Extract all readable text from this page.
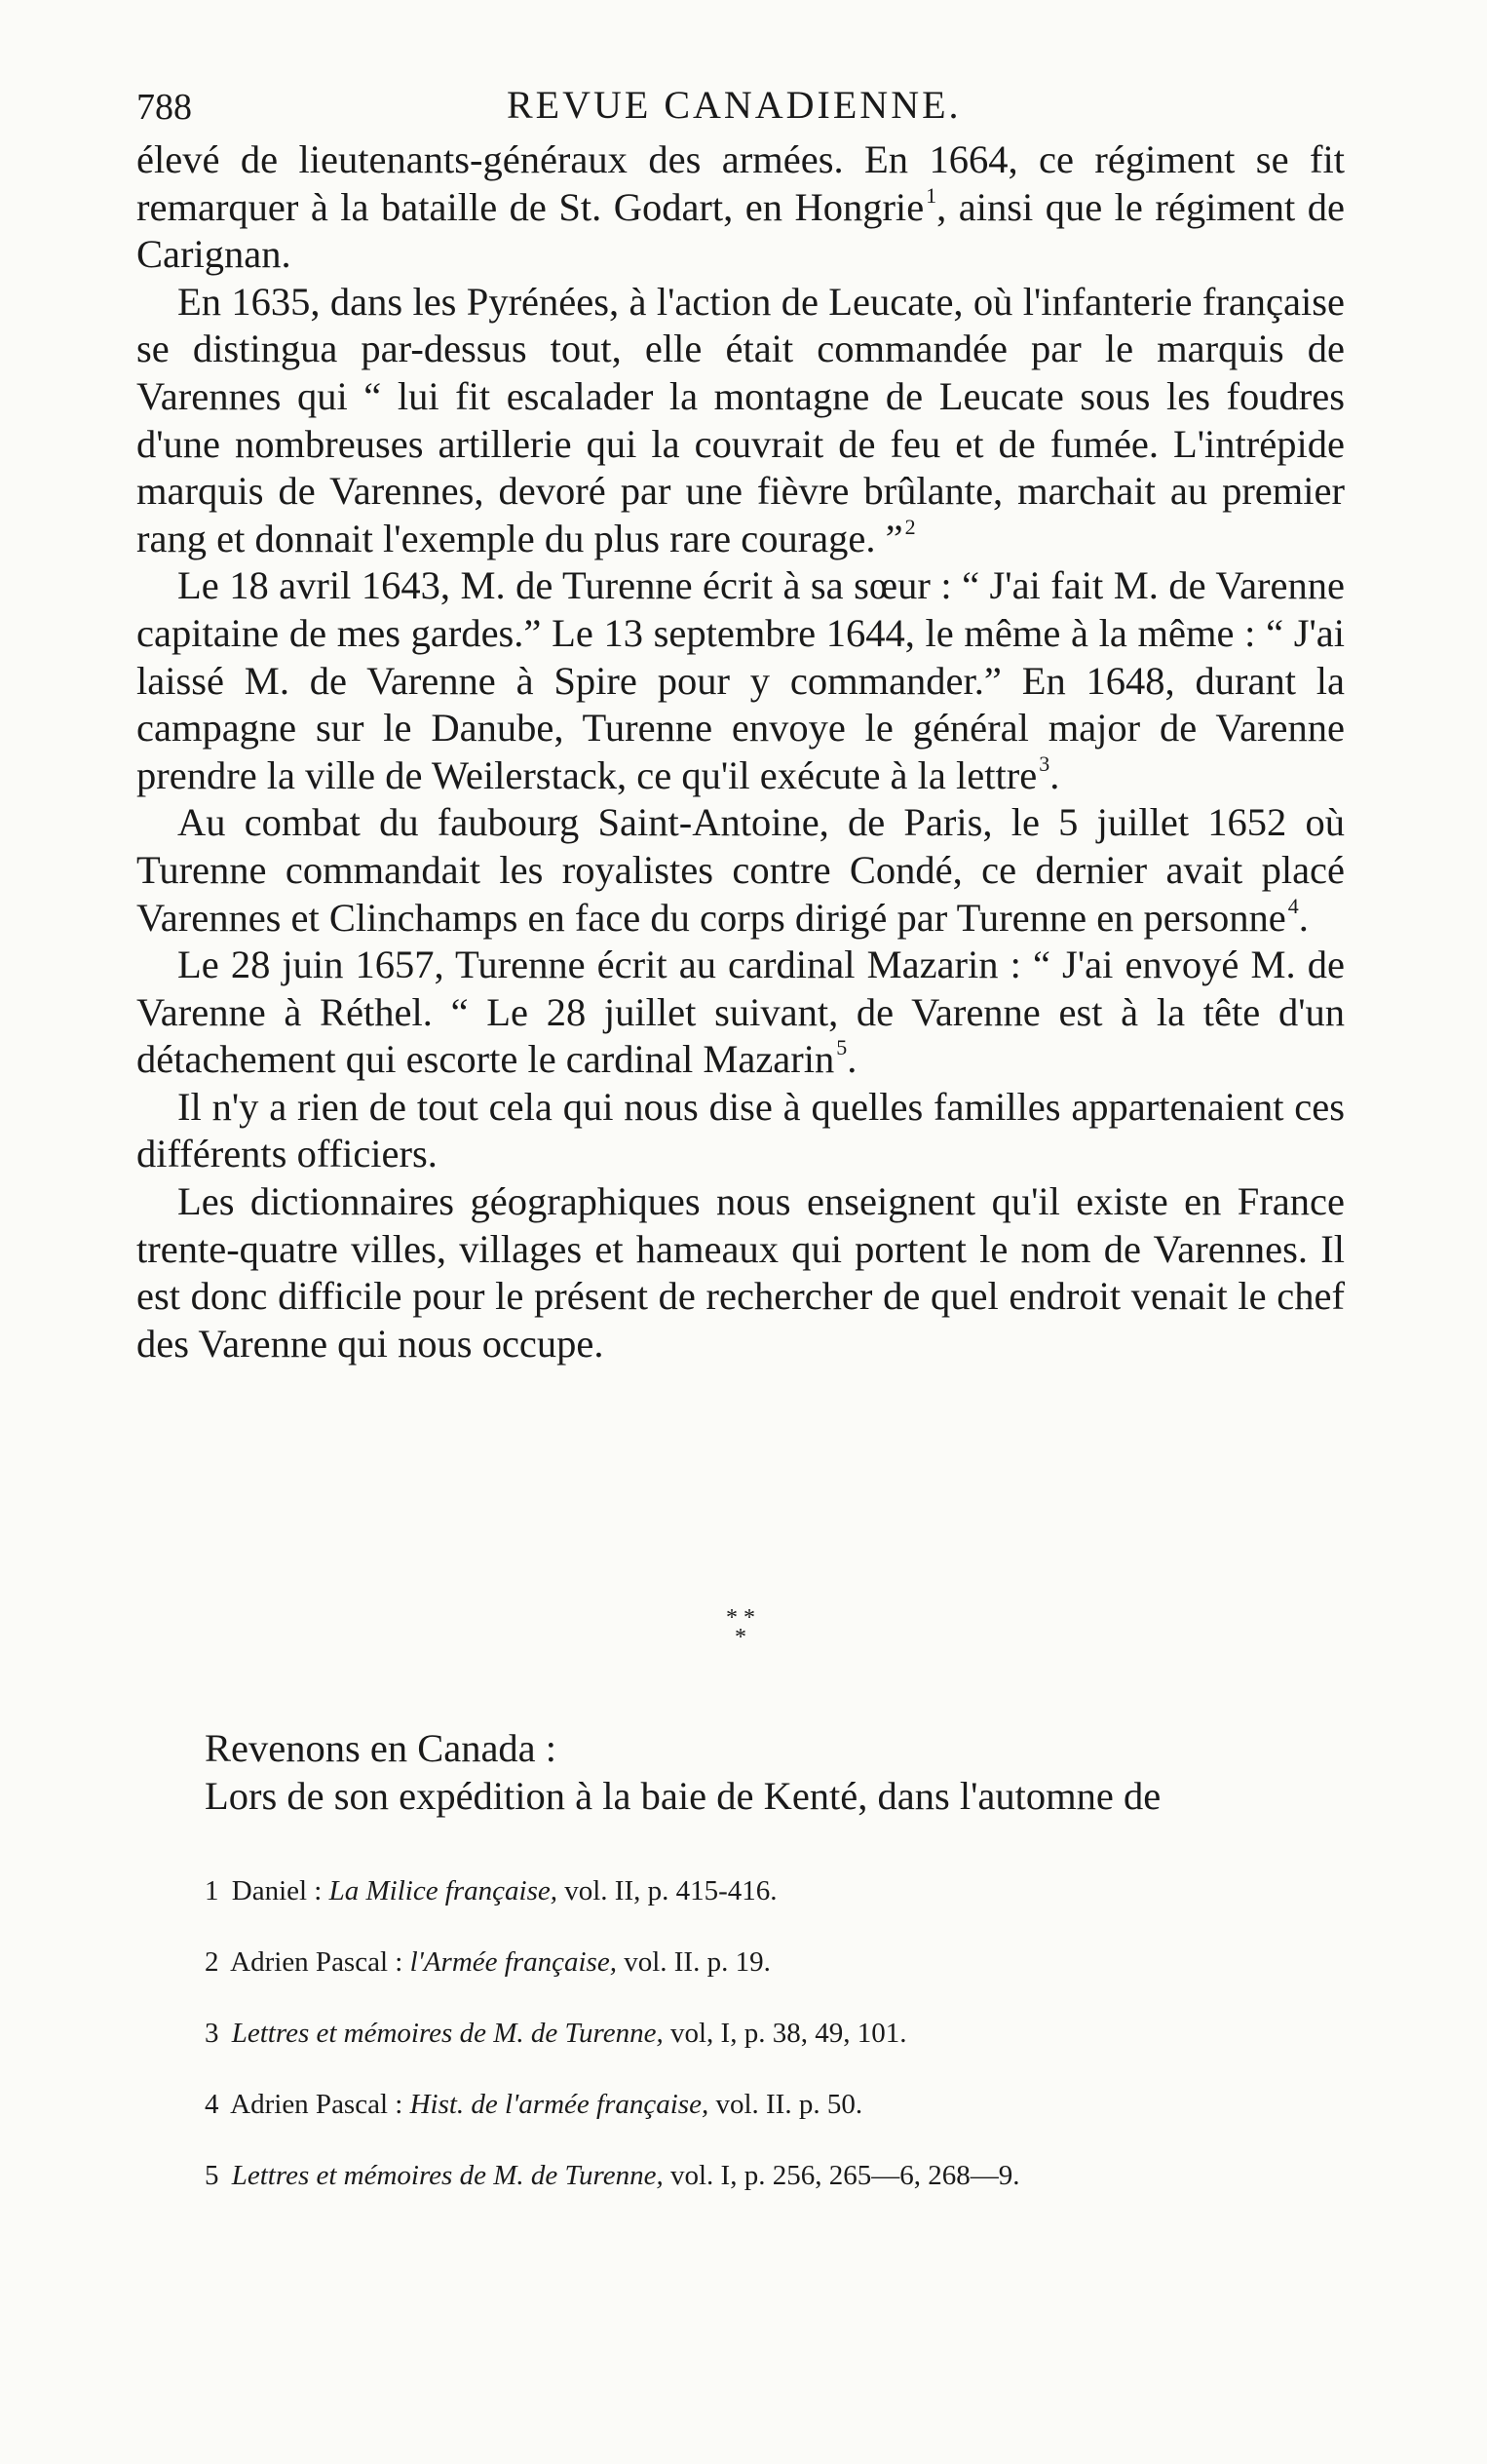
788	REVUE CANADIENNE.

élevé de lieutenants-généraux des armées. En 1664, ce régiment se fit remarquer à la bataille de St. Godart, en Hongrie$^1$, ainsi que le régiment de Carignan.

En 1635, dans les Pyrénées, à l'action de Leucate, où l'infanterie française se distingua par-dessus tout, elle était commandée par le marquis de Varennes qui “ lui fit escalader la montagne de Leucate sous les foudres d'une nombreuses artillerie qui la couvrait de feu et de fumée. L'intrépide marquis de Varennes, devoré par une fièvre brûlante, marchait au premier rang et donnait l'exemple du plus rare courage. ”$^2$

Le 18 avril 1643, M. de Turenne écrit à sa sœur : “ J'ai fait M. de Varenne capitaine de mes gardes.” Le 13 septembre 1644, le même à la même : “ J'ai laissé M. de Varenne à Spire pour y commander.” En 1648, durant la campagne sur le Danube, Turenne envoye le général major de Varenne prendre la ville de Weilerstack, ce qu'il exécute à la lettre$^3$.

Au combat du faubourg Saint-Antoine, de Paris, le 5 juillet 1652 où Turenne commandait les royalistes contre Condé, ce dernier avait placé Varennes et Clinchamps en face du corps dirigé par Turenne en personne$^4$.

Le 28 juin 1657, Turenne écrit au cardinal Mazarin : “ J'ai envoyé M. de Varenne à Réthel. “ Le 28 juillet suivant, de Varenne est à la tête d'un détachement qui escorte le cardinal Mazarin$^5$.

Il n'y a rien de tout cela qui nous dise à quelles familles appartenaient ces différents officiers.

Les dictionnaires géographiques nous enseignent qu'il existe en France trente-quatre villes, villages et hameaux qui portent le nom de Varennes. Il est donc difficile pour le présent de rechercher de quel endroit venait le chef des Varenne qui nous occupe.

* *
*

Revenons en Canada :

Lors de son expédition à la baie de Kenté, dans l'automne de

1 Daniel : La Milice française, vol. II, p. 415-416.
2 Adrien Pascal : l'Armée française, vol. II. p. 19.
3 Lettres et mémoires de M. de Turenne, vol, I, p. 38, 49, 101.
4 Adrien Pascal : Hist. de l'armée française, vol. II. p. 50.
5 Lettres et mémoires de M. de Turenne, vol. I, p. 256, 265—6, 268—9.
